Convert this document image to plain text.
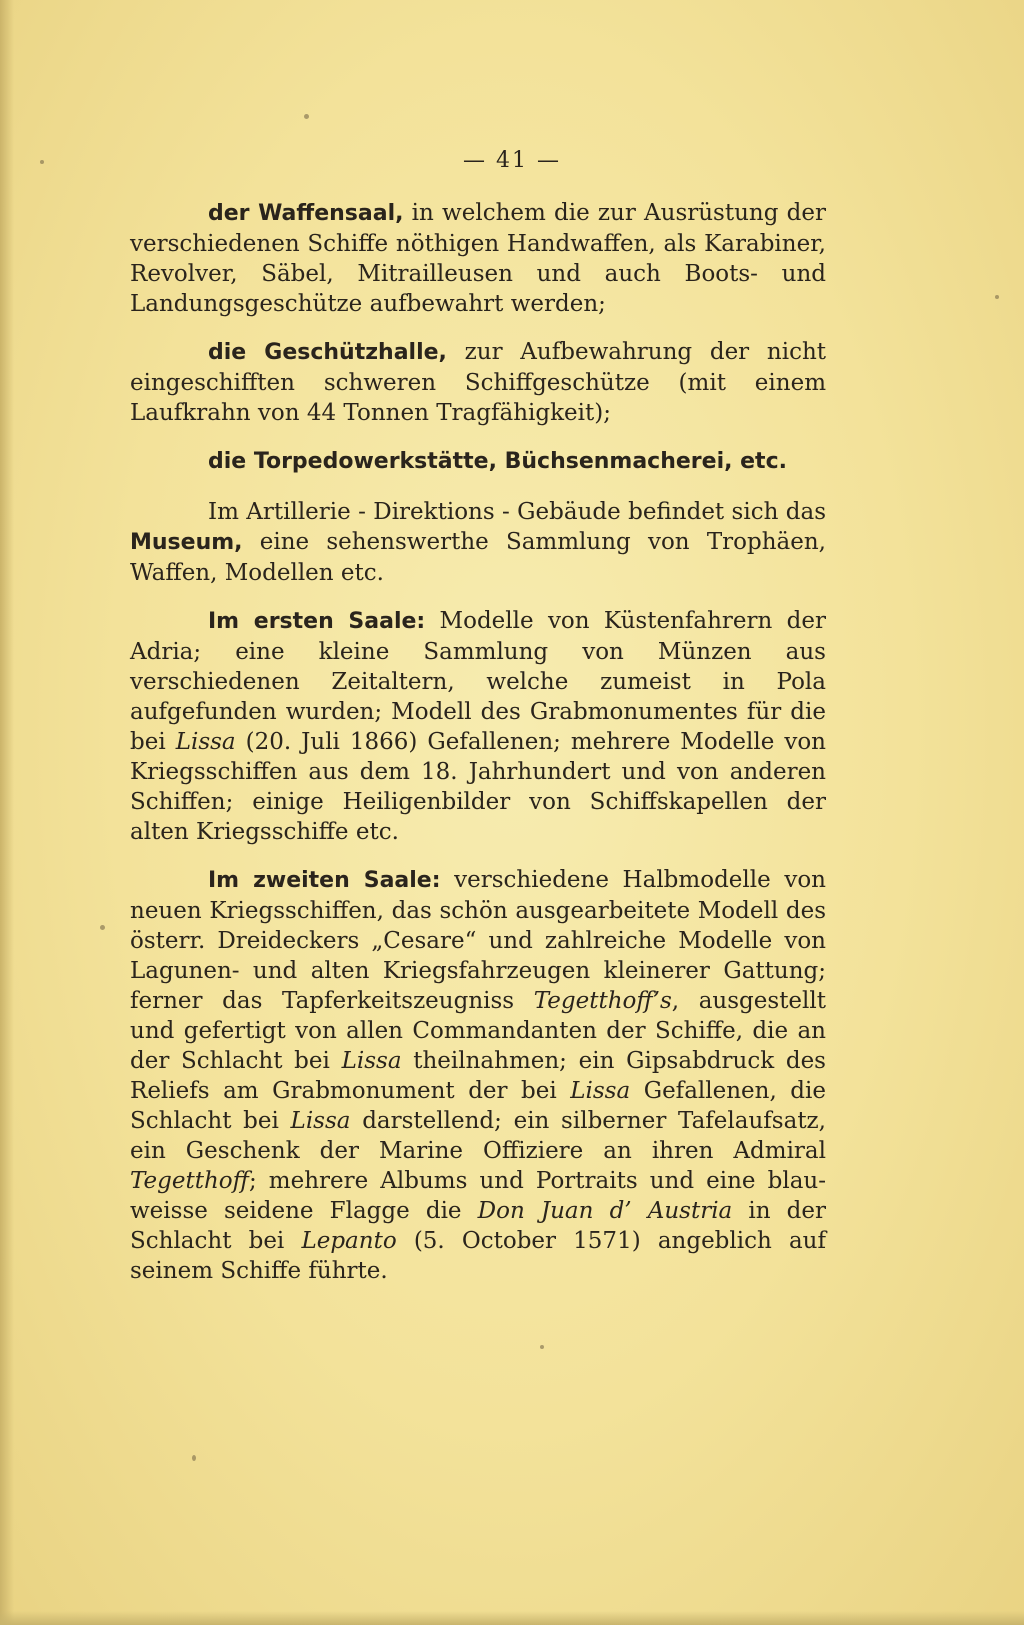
— 41 —

der Waffensaal, in welchem die zur Ausrüstung der verschiedenen Schiffe nöthigen Handwaffen, als Karabiner, Revolver, Säbel, Mitrailleusen und auch Boots- und Landungsgeschütze aufbewahrt werden;

die Geschützhalle, zur Aufbewahrung der nicht eingeschifften schweren Schiffgeschütze (mit einem Laufkrahn von 44 Tonnen Tragfähigkeit);

die Torpedowerkstätte, Büchsenmacherei, etc.

Im Artillerie - Direktions - Gebäude befindet sich das Museum, eine sehenswerthe Sammlung von Trophäen, Waffen, Modellen etc.

Im ersten Saale: Modelle von Küstenfahrern der Adria; eine kleine Sammlung von Münzen aus verschiedenen Zeitaltern, welche zumeist in Pola aufgefunden wurden; Modell des Grabmonumentes für die bei Lissa (20. Juli 1866) Gefallenen; mehrere Modelle von Kriegsschiffen aus dem 18. Jahrhundert und von anderen Schiffen; einige Heiligenbilder von Schiffskapellen der alten Kriegsschiffe etc.

Im zweiten Saale: verschiedene Halbmodelle von neuen Kriegsschiffen, das schön ausgearbeitete Modell des österr. Dreideckers „Cesare“ und zahlreiche Modelle von Lagunen- und alten Kriegsfahrzeugen kleinerer Gattung; ferner das Tapferkeitszeugniss Tegetthoff’s, ausgestellt und gefertigt von allen Commandanten der Schiffe, die an der Schlacht bei Lissa theilnahmen; ein Gipsabdruck des Reliefs am Grabmonument der bei Lissa Gefallenen, die Schlacht bei Lissa darstellend; ein silberner Tafelaufsatz, ein Geschenk der Marine Offiziere an ihren Admiral Tegetthoff; mehrere Albums und Portraits und eine blau-weisse seidene Flagge die Don Juan d’ Austria in der Schlacht bei Lepanto (5. October 1571) angeblich auf seinem Schiffe führte.
